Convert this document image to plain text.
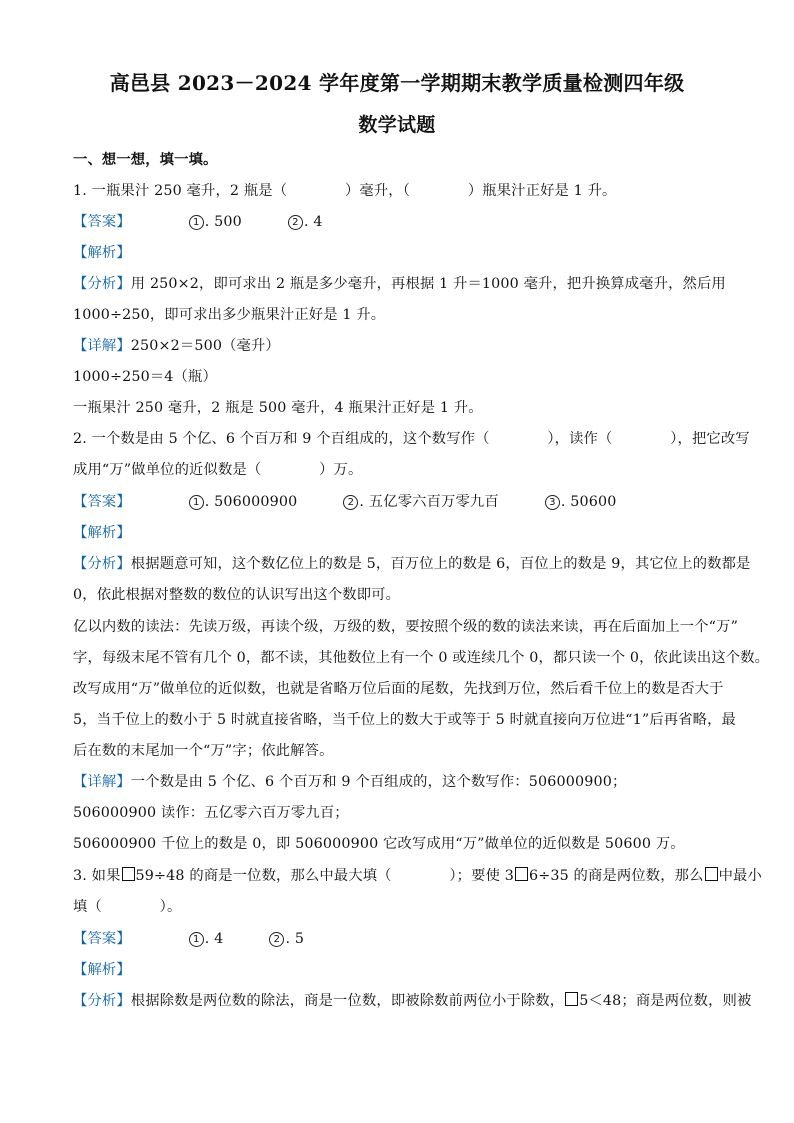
高邑县 2023－2024 学年度第一学期期末教学质量检测四年级
数学试题
一、想一想，填一填。
1. 一瓶果汁 250 毫升，2 瓶是（　　　　）毫升，（　　　　）瓶果汁正好是 1 升。
【答案】	1 . 500	2 . 4
【解析】
【分析】用 250×2，即可求出 2 瓶是多少毫升，再根据 1 升＝1000 毫升，把升换算成毫升，然后用
1000÷250，即可求出多少瓶果汁正好是 1 升。
【详解】250×2＝500（毫升）
1000÷250＝4（瓶）
一瓶果汁 250 毫升，2 瓶是 500 毫升，4 瓶果汁正好是 1 升。
2. 一个数是由 5 个亿、6 个百万和 9 个百组成的，这个数写作（　　　　），读作（　　　　），把它改写
成用“万”做单位的近似数是（　　　　）万。
【答案】	1 . 506000900	2 . 五亿零六百万零九百	3 . 50600
【解析】
【分析】根据题意可知，这个数亿位上的数是 5，百万位上的数是 6，百位上的数是 9，其它位上的数都是
0，依此根据对整数的数位的认识写出这个数即可。
亿以内数的读法：先读万级，再读个级，万级的数，要按照个级的数的读法来读，再在后面加上一个“万”
字，每级末尾不管有几个 0，都不读，其他数位上有一个 0 或连续几个 0，都只读一个 0，依此读出这个数。
改写成用“万”做单位的近似数，也就是省略万位后面的尾数，先找到万位，然后看千位上的数是否大于
5，当千位上的数小于 5 时就直接省略，当千位上的数大于或等于 5 时就直接向万位进“1”后再省略，最
后在数的末尾加一个“万”字；依此解答。
【详解】一个数是由 5 个亿、6 个百万和 9 个百组成的，这个数写作：506000900；
506000900 读作：五亿零六百万零九百；
506000900 千位上的数是 0，即 506000900 它改写成用“万”做单位的近似数是 50600 万。
3. 如果 59÷48 的商是一位数，那么中最大填（　　　　）；要使 3 6÷35 的商是两位数，那么 中最小
填（　　　　）。
【答案】	1 . 4	2 . 5
【解析】
【分析】根据除数是两位数的除法，商是一位数，即被除数前两位小于除数， 5＜48；商是两位数，则被
